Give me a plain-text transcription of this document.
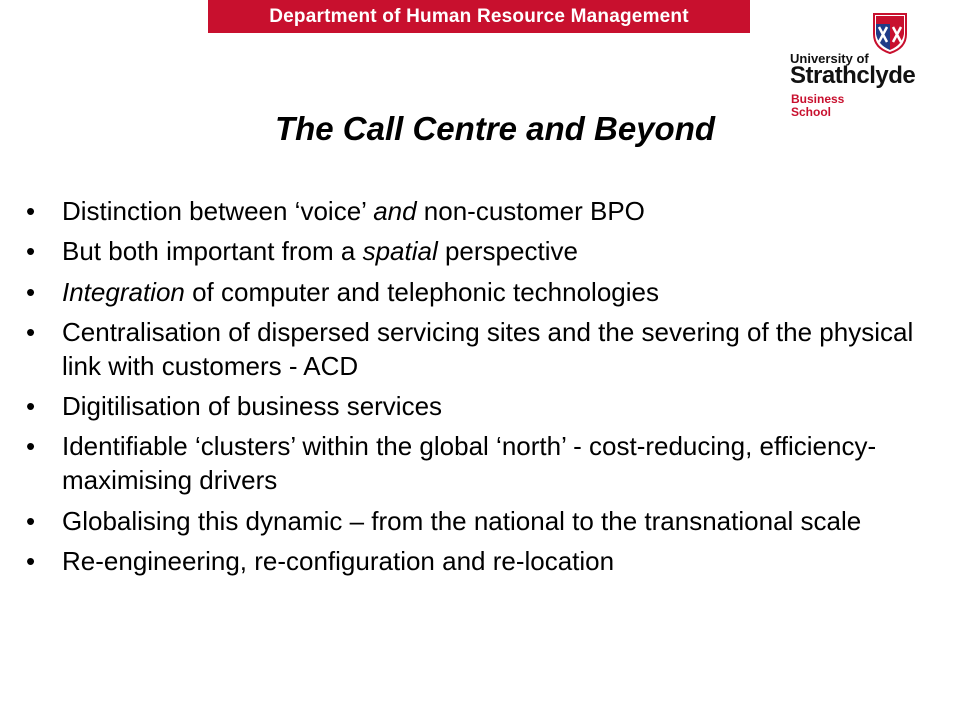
Department of Human Resource Management
University of
Strathclyde
Business
School
The Call Centre and Beyond
• Distinction between ‘voice’ and non-customer BPO
• But both important from a spatial perspective
• Integration of computer and telephonic technologies
• Centralisation of dispersed servicing sites and the severing of the physical link with customers - ACD
• Digitilisation of business services
• Identifiable ‘clusters’ within the global ‘north’ - cost-reducing, efficiency-maximising drivers
• Globalising this dynamic – from the national to the transnational scale
• Re-engineering, re-configuration and re-location
